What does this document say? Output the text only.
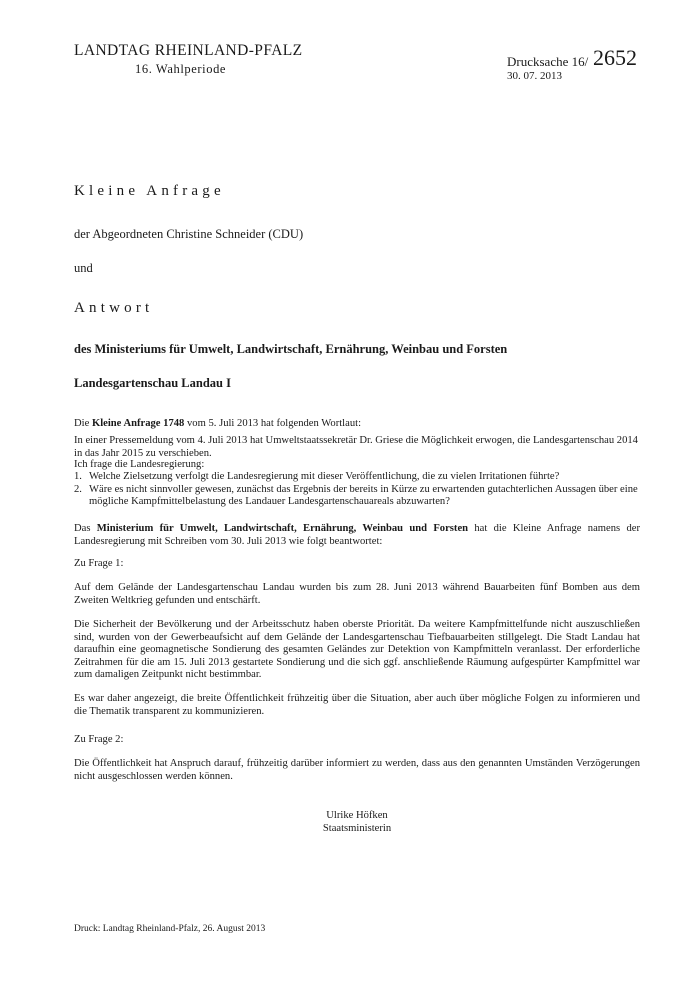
LANDTAG RHEINLAND-PFALZ
16. Wahlperiode	Drucksache 16/ 2652
30. 07. 2013
Kleine Anfrage
der Abgeordneten Christine Schneider (CDU)
und
Antwort
des Ministeriums für Umwelt, Landwirtschaft, Ernährung, Weinbau und Forsten
Landesgartenschau Landau I
Die Kleine Anfrage 1748 vom 5. Juli 2013 hat folgenden Wortlaut:
In einer Pressemeldung vom 4. Juli 2013 hat Umweltstaatssekretär Dr. Griese die Möglichkeit erwogen, die Landesgartenschau 2014 in das Jahr 2015 zu verschieben.
Ich frage die Landesregierung:
1. Welche Zielsetzung verfolgt die Landesregierung mit dieser Veröffentlichung, die zu vielen Irritationen führte?
2. Wäre es nicht sinnvoller gewesen, zunächst das Ergebnis der bereits in Kürze zu erwartenden gutachterlichen Aussagen über eine mögliche Kampfmittelbelastung des Landauer Landesgartenschauareals abzuwarten?
Das Ministerium für Umwelt, Landwirtschaft, Ernährung, Weinbau und Forsten hat die Kleine Anfrage namens der Landesregierung mit Schreiben vom 30. Juli 2013 wie folgt beantwortet:
Zu Frage 1:
Auf dem Gelände der Landesgartenschau Landau wurden bis zum 28. Juni 2013 während Bauarbeiten fünf Bomben aus dem Zweiten Weltkrieg gefunden und entschärft.
Die Sicherheit der Bevölkerung und der Arbeitsschutz haben oberste Priorität. Da weitere Kampfmittelfunde nicht auszuschließen sind, wurden von der Gewerbeaufsicht auf dem Gelände der Landesgartenschau Tiefbauarbeiten stillgelegt. Die Stadt Landau hat daraufhin eine geomagnetische Sondierung des gesamten Geländes zur Detektion von Kampfmitteln veranlasst. Der erforderliche Zeitrahmen für die am 15. Juli 2013 gestartete Sondierung und die sich ggf. anschließende Räumung aufgespürter Kampfmittel war zum damaligen Zeitpunkt nicht bestimmbar.
Es war daher angezeigt, die breite Öffentlichkeit frühzeitig über die Situation, aber auch über mögliche Folgen zu informieren und die Thematik transparent zu kommunizieren.
Zu Frage 2:
Die Öffentlichkeit hat Anspruch darauf, frühzeitig darüber informiert zu werden, dass aus den genannten Umständen Verzögerungen nicht ausgeschlossen werden können.
Ulrike Höfken
Staatsministerin
Druck: Landtag Rheinland-Pfalz, 26. August 2013
